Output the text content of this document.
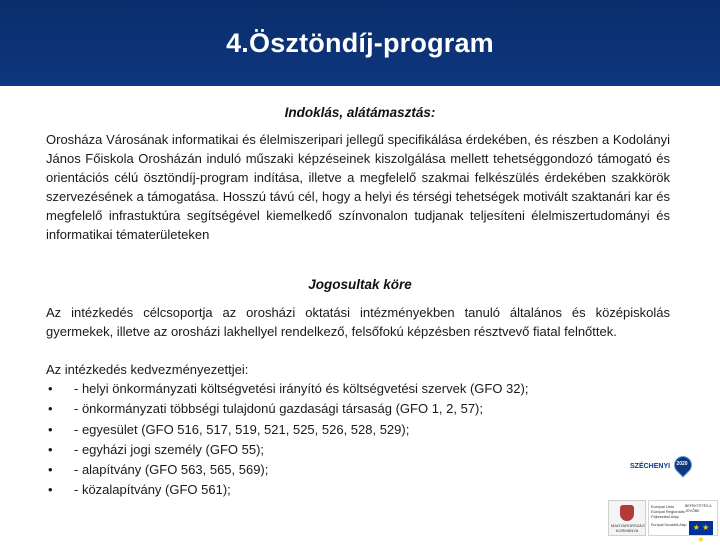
4.Ösztöndíj-program
Indoklás, alátámasztás:
Orosháza Városának informatikai és élelmiszeripari jellegű specifikálása érdekében, és részben a Kodolányi János Főiskola Orosházán induló műszaki képzéseinek kiszolgálása mellett tehetséggondozó támogató és orientációs célú ösztöndíj-program indítása, illetve a megfelelő szakmai felkészülés érdekében szakkörök szervezésének a támogatása. Hosszú távú cél, hogy a helyi és térségi tehetségek motivált szaktanári kar és megfelelő infrastuktúra segítségével kiemelkedő színvonalon tudjanak teljesíteni élelmiszertudományi és informatikai tématerületeken
Jogosultak köre
Az intézkedés célcsoportja az orosházi oktatási intézményekben tanuló általános és középiskolás gyermekek, illetve az orosházi lakhellyel rendelkező, felsőfokú képzésben résztvevő fiatal felnőttek.
Az intézkedés kedvezményezettjei:
• - helyi önkormányzati költségvetési irányító és költségvetési szervek (GFO 32);
• - önkormányzati többségi tulajdonú gazdasági társaság (GFO 1, 2, 57);
• - egyesület (GFO 516, 517, 519, 521, 525, 526, 528, 529);
• - egyházi jogi személy (GFO 55);
• - alapítvány (GFO 563, 565, 569);
• - közalapítvány (GFO 561);
SZÉCHENYI 2020
MAGYARORSZÁG KORMÁNYA
Európai Unió Európai Regionális Fejlesztési Alap
Európai Szociális Alap
BEFEKTETÉS A JÖVŐBE
★ ★ ★
